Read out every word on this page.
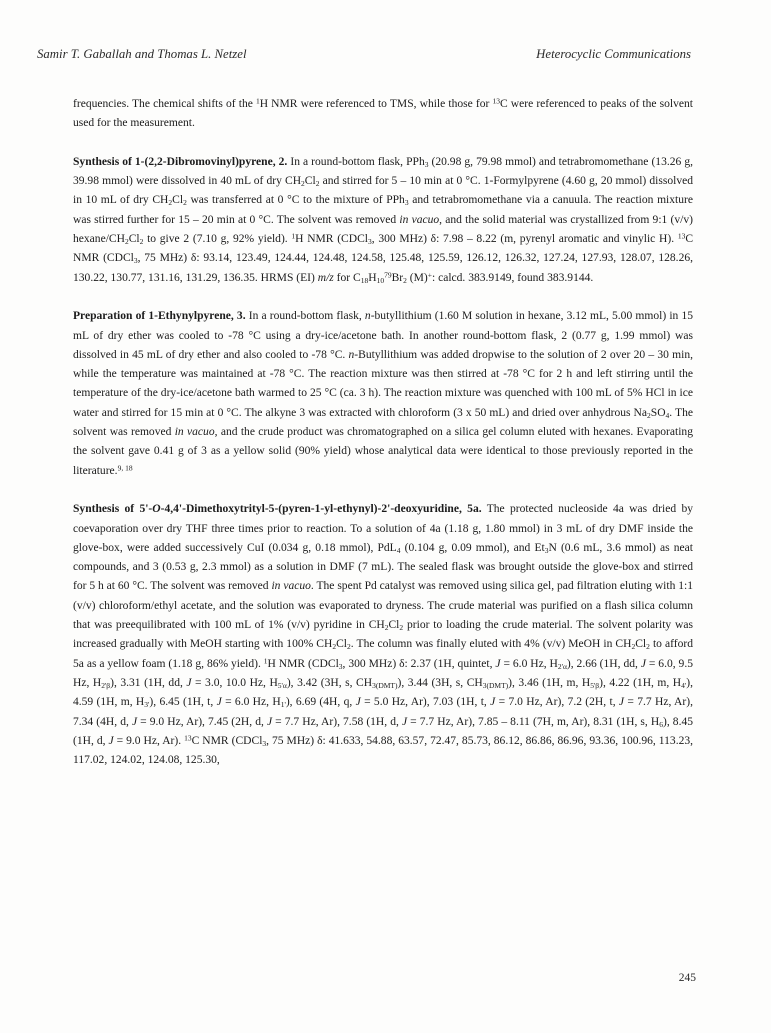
Samir T. Gaballah and Thomas L. Netzel	Heterocyclic Communications

frequencies. The chemical shifts of the $^1$H NMR were referenced to TMS, while those for $^{13}$C were referenced to peaks of the solvent used for the measurement.

Synthesis of 1-(2,2-Dibromovinyl)pyrene, 2. In a round-bottom flask, PPh$_3$ (20.98 g, 79.98 mmol) and tetrabromomethane (13.26 g, 39.98 mmol) were dissolved in 40 mL of dry $CH_2Cl_2$ and stirred for 5 – 10 min at 0 °C. 1-Formylpyrene (4.60 g, 20 mmol) dissolved in 10 mL of dry $CH_2Cl_2$ was transferred at 0 °C to the mixture of PPh$_3$ and tetrabromomethane via a canuula. The reaction mixture was stirred further for 15 – 20 min at 0 °C. The solvent was removed in vacuo, and the solid material was crystallized from 9:1 (v/v) hexane/$CH_2Cl_2$ to give 2 (7.10 g, 92% yield). $^1$H NMR (CDCl$_3$, 300 MHz) δ: 7.98 – 8.22 (m, pyrenyl aromatic and vinylic H). $^{13}$C NMR (CDCl$_3$, 75 MHz) δ: 93.14, 123.49, 124.44, 124.48, 124.58, 125.48, 125.59, 126.12, 126.32, 127.24, 127.93, 128.07, 128.26, 130.22, 130.77, 131.16, 131.29, 136.35. HRMS (EI) m/z for $C_{18}H_{10}^{79}Br_2$ (M)+: calcd. 383.9149, found 383.9144.

Preparation of 1-Ethynylpyrene, 3. In a round-bottom flask, n-butyllithium (1.60 M solution in hexane, 3.12 mL, 5.00 mmol) in 15 mL of dry ether was cooled to -78 °C using a dry-ice/acetone bath. In another round-bottom flask, 2 (0.77 g, 1.99 mmol) was dissolved in 45 mL of dry ether and also cooled to -78 °C. n-Butyllithium was added dropwise to the solution of 2 over 20 – 30 min, while the temperature was maintained at -78 °C. The reaction mixture was then stirred at -78 °C for 2 h and left stirring until the temperature of the dry-ice/acetone bath warmed to 25 °C (ca. 3 h). The reaction mixture was quenched with 100 mL of 5% HCl in ice water and stirred for 15 min at 0 °C. The alkyne 3 was extracted with chloroform (3 x 50 mL) and dried over anhydrous $Na_2SO_4$. The solvent was removed in vacuo, and the crude product was chromatographed on a silica gel column eluted with hexanes. Evaporating the solvent gave 0.41 g of 3 as a yellow solid (90% yield) whose analytical data were identical to those previously reported in the literature.$^{9, 18}$

Synthesis of 5'-O-4,4'-Dimethoxytrityl-5-(pyren-1-yl-ethynyl)-2'-deoxyuridine, 5a. The protected nucleoside 4a was dried by coevaporation over dry THF three times prior to reaction. To a solution of 4a (1.18 g, 1.80 mmol) in 3 mL of dry DMF inside the glove-box, were added successively CuI (0.034 g, 0.18 mmol), PdL$_4$ (0.104 g, 0.09 mmol), and $Et_3N$ (0.6 mL, 3.6 mmol) as neat compounds, and 3 (0.53 g, 2.3 mmol) as a solution in DMF (7 mL). The sealed flask was brought outside the glove-box and stirred for 5 h at 60 °C. The solvent was removed in vacuo. The spent Pd catalyst was removed using silica gel, pad filtration eluting with 1:1 (v/v) chloroform/ethyl acetate, and the solution was evaporated to dryness. The crude material was purified on a flash silica column that was preequilibrated with 100 mL of 1% (v/v) pyridine in $CH_2Cl_2$ prior to loading the crude material. The solvent polarity was increased gradually with MeOH starting with 100% $CH_2Cl_2$. The column was finally eluted with 4% (v/v) MeOH in $CH_2Cl_2$ to afford 5a as a yellow foam (1.18 g, 86% yield). $^1$H NMR (CDCl$_3$, 300 MHz) δ: 2.37 (1H, quintet, J = 6.0 Hz, $H_{2'\alpha}$), 2.66 (1H, dd, J = 6.0, 9.5 Hz, $H_{2'\beta}$), 3.31 (1H, dd, J = 3.0, 10.0 Hz, $H_{5'\alpha}$), 3.42 (3H, s, $CH_{3(DMT)}$), 3.44 (3H, s, $CH_{3(DMT)}$), 3.46 (1H, m, $H_{5'\beta}$), 4.22 (1H, m, $H_{4'}$), 4.59 (1H, m, $H_{3'}$), 6.45 (1H, t, J = 6.0 Hz, $H_{1'}$), 6.69 (4H, q, J = 5.0 Hz, Ar), 7.03 (1H, t, J = 7.0 Hz, Ar), 7.2 (2H, t, J = 7.7 Hz, Ar), 7.34 (4H, d, J = 9.0 Hz, Ar), 7.45 (2H, d, J = 7.7 Hz, Ar), 7.58 (1H, d, J = 7.7 Hz, Ar), 7.85 – 8.11 (7H, m, Ar), 8.31 (1H, s, $H_6$), 8.45 (1H, d, J = 9.0 Hz, Ar). $^{13}$C NMR (CDCl$_3$, 75 MHz) δ: 41.633, 54.88, 63.57, 72.47, 85.73, 86.12, 86.86, 86.96, 93.36, 100.96, 113.23, 117.02, 124.02, 124.08, 125.30,

245
